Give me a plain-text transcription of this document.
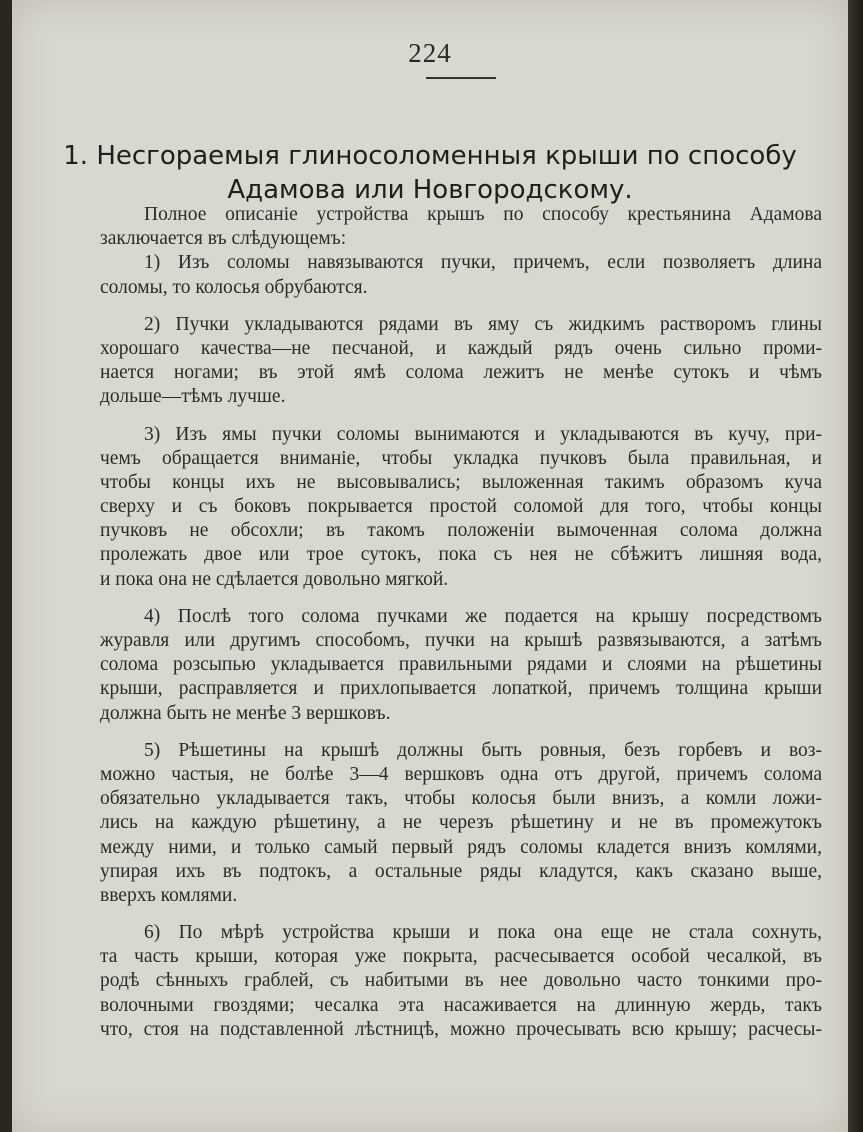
224
1. Несгораемыя глиносоломенныя крыши по способу
Адамова или Новгородскому.
Полное описаніе устройства крышъ по способу крестьянина Адамова
заключается въ слѣдующемъ:
1) Изъ соломы навязываются пучки, причемъ, если позволяетъ длина
соломы, то колосья обрубаются.
2) Пучки укладываются рядами въ яму съ жидкимъ растворомъ глины
хорошаго качества—не песчаной, и каждый рядъ очень сильно проми-
нается ногами; въ этой ямѣ солома лежитъ не менѣе сутокъ и чѣмъ
дольше—тѣмъ лучше.
3) Изъ ямы пучки соломы вынимаются и укладываются въ кучу, при-
чемъ обращается вниманіе, чтобы укладка пучковъ была правильная, и
чтобы концы ихъ не высовывались; выложенная такимъ образомъ куча
сверху и съ боковъ покрывается простой соломой для того, чтобы концы
пучковъ не обсохли; въ такомъ положеніи вымоченная солома должна
пролежать двое или трое сутокъ, пока съ нея не сбѣжитъ лишняя вода,
и пока она не сдѣлается довольно мягкой.
4) Послѣ того солома пучками же подается на крышу посредствомъ
журавля или другимъ способомъ, пучки на крышѣ развязываются, а затѣмъ
солома розсыпью укладывается правильными рядами и слоями на рѣшетины
крыши, расправляется и прихлопывается лопаткой, причемъ толщина крыши
должна быть не менѣе 3 вершковъ.
5) Рѣшетины на крышѣ должны быть ровныя, безъ горбевъ и воз-
можно частыя, не болѣе 3—4 вершковъ одна отъ другой, причемъ солома
обязательно укладывается такъ, чтобы колосья были внизъ, а комли ложи-
лись на каждую рѣшетину, а не черезъ рѣшетину и не въ промежутокъ
между ними, и только самый первый рядъ соломы кладется внизъ комлями,
упирая ихъ въ подтокъ, а остальные ряды кладутся, какъ сказано выше,
вверхъ комлями.
6) По мѣрѣ устройства крыши и пока она еще не стала сохнуть,
та часть крыши, которая уже покрыта, расчесывается особой чесалкой, въ
родѣ сѣнныхъ граблей, съ набитыми въ нее довольно часто тонкими про-
волочными гвоздями; чесалка эта насаживается на длинную жердь, такъ
что, стоя на подставленной лѣстницѣ, можно прочесывать всю крышу; расчесы-
